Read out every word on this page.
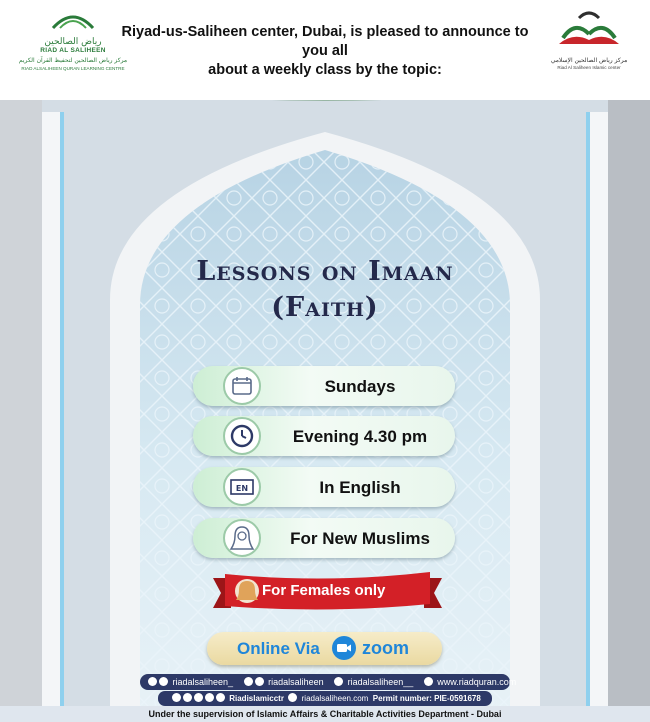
رياض الصالحين
RIAD AL SALIHEEN
مركز رياض الصالحين لتحفيظ القرآن الكريم
RIAD ALSALIHEEN QURAN LEARNING CENTRE
Riyad-us-Saliheen center, Dubai, is pleased to announce to you all
about a weekly class by the topic:
مركز رياض الصالحين الإسلامي
Riad Al Saliheen Islamic center
Lessons on Imaan
(Faith)
Sundays
Evening 4.30 pm
EN	In English
For New Muslims
For Females only
Online Via zoom
riadalsaliheen_	riadalsaliheen	riadalsaliheen__	www.riadquran.com
Riadislamicctr riadalsaliheen.com Permit number: PIE-0591678
Under the supervision of Islamic Affairs & Charitable Activities Department - Dubai
